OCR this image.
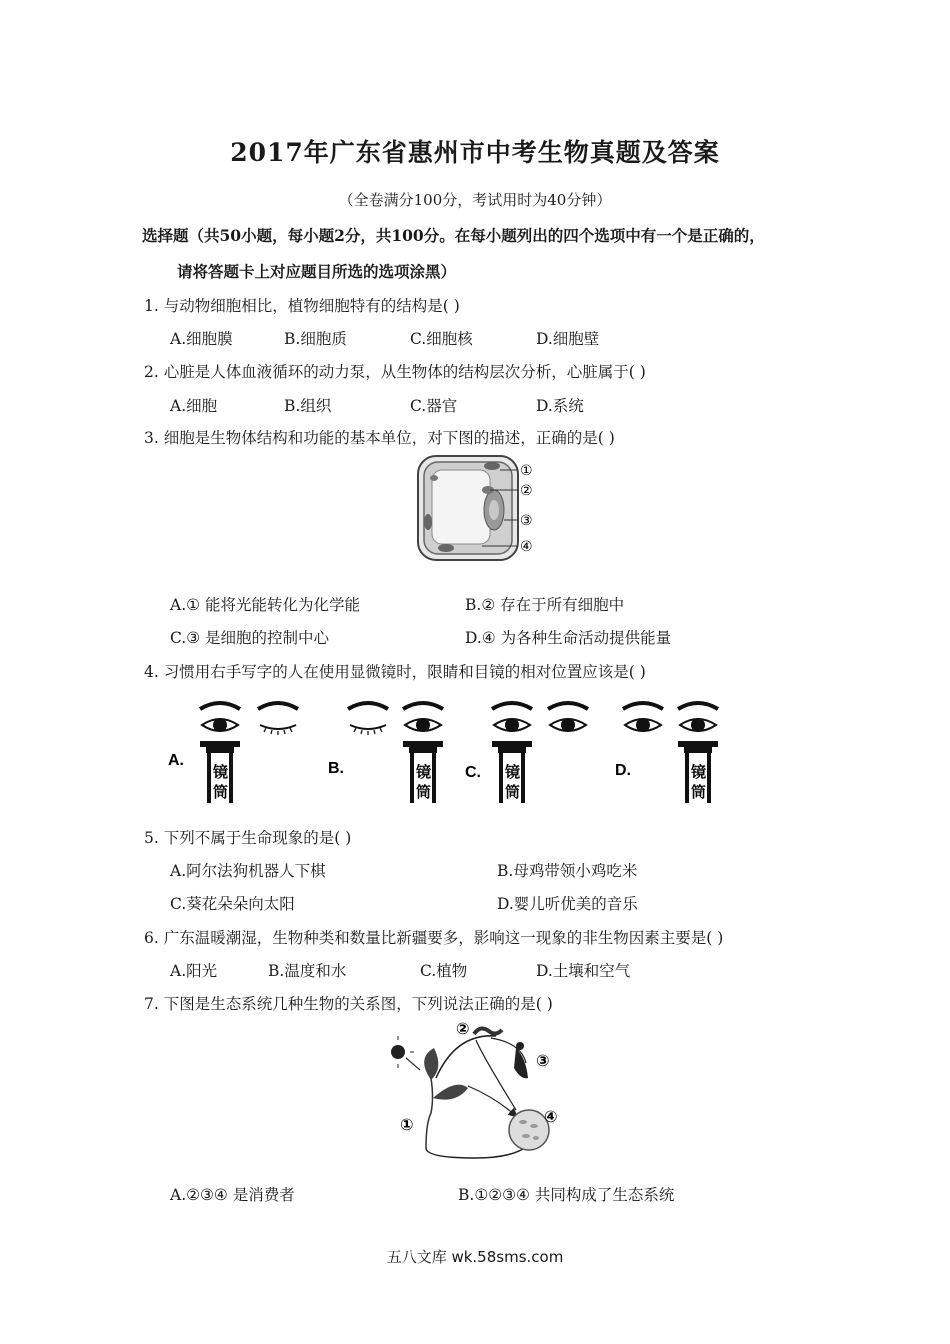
2017年广东省惠州市中考生物真题及答案
（全卷满分100分，考试用时为40分钟）
选择题（共50小题，每小题2分，共100分。在每小题列出的四个选项中有一个是正确的，
请将答题卡上对应题目所选的选项涂黑）
1. 与动物细胞相比，植物细胞特有的结构是( )
A.细胞膜	B.细胞质	C.细胞核	D.细胞壁
2. 心脏是人体血液循环的动力泵，从生物体的结构层次分析，心脏属于( )
A.细胞	B.组织	C.器官	D.系统
3. 细胞是生物体结构和功能的基本单位，对下图的描述，正确的是( )
①
②
③
④
A.① 能将光能转化为化学能	B.② 存在于所有细胞中
C.③ 是细胞的控制中心	D.④ 为各种生命活动提供能量
4. 习惯用右手写字的人在使用显微镜时，限睛和目镜的相对位置应该是( )
A.
镜
筒
B.	镜
筒
C. 镜
筒
D.	镜
筒
5. 下列不属于生命现象的是( )
A.阿尔法狗机器人下棋	B.母鸡带领小鸡吃米
C.葵花朵朵向太阳	D.婴儿听优美的音乐
6. 广东温暖潮湿，生物种类和数量比新疆要多，影响这一现象的非生物因素主要是( )
A.阳光	B.温度和水	C.植物	D.土壤和空气
7. 下图是生态系统几种生物的关系图，下列说法正确的是( )
②
③
①	④
A.②③④ 是消费者	B.①②③④ 共同构成了生态系统
五八文库 wk.58sms.com
